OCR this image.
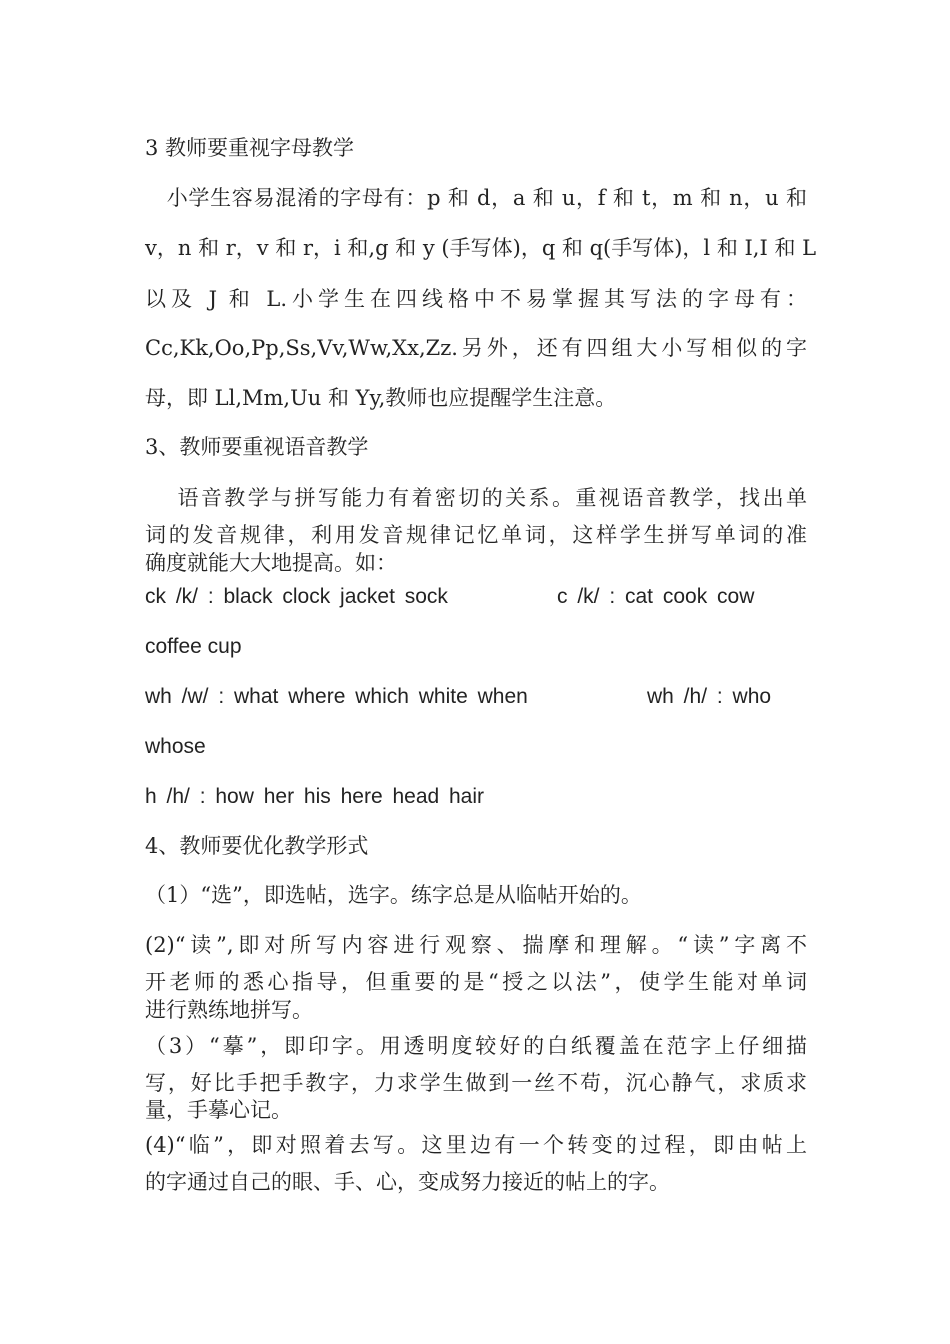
3 教师要重视字母教学
　小学生容易混淆的字母有：p 和 d，a 和 u，f 和 t，m 和 n，u 和
v，n 和 r，v 和 r，i 和,g 和 y (手写体)，q 和 q(手写体)，l 和 I,I 和 L
以及 J 和 L.小学生在四线格中不易掌握其写法的字母有：
Cc,Kk,Oo,Pp,Ss,Vv,Ww,Xx,Zz.另外，还有四组大小写相似的字
母，即 Ll,Mm,Uu 和 Yy,教师也应提醒学生注意。
3、教师要重视语音教学
　 语音教学与拼写能力有着密切的关系。重视语音教学，找出单
词的发音规律，利用发音规律记忆单词，这样学生拼写单词的准
确度就能大大地提高。如：
ck /k/ : black clock jacket sock	c /k/ : cat cook cow
coffee cup
wh /w/ : what where which white when	wh /h/ : who
whose
h /h/ : how her his here head hair
4、教师要优化教学形式
（1）“选”，即选帖，选字。练字总是从临帖开始的。
(2)“读”,即对所写内容进行观察、揣摩和理解。“读”字离不
开老师的悉心指导，但重要的是“授之以法”，使学生能对单词
进行熟练地拼写。
（3）“摹”，即印字。用透明度较好的白纸覆盖在范字上仔细描
写，好比手把手教字，力求学生做到一丝不苟，沉心静气，求质求
量，手摹心记。
(4)“临”，即对照着去写。这里边有一个转变的过程，即由帖上
的字通过自己的眼、手、心，变成努力接近的帖上的字。
